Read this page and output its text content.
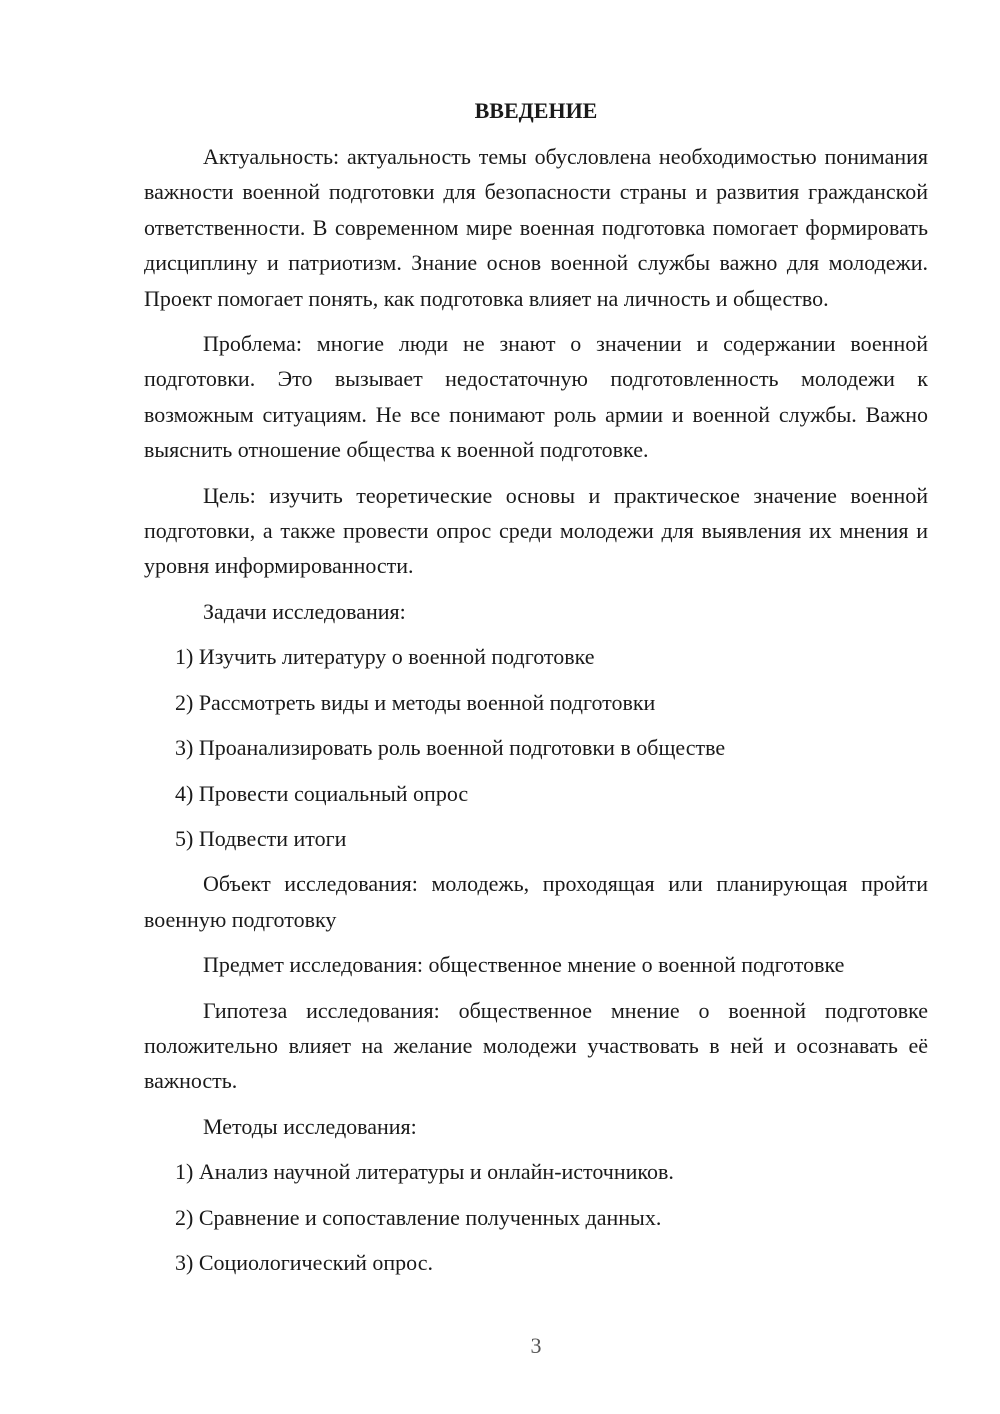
ВВЕДЕНИЕ

Актуальность: актуальность темы обусловлена необходимостью понимания важности военной подготовки для безопасности страны и развития гражданской ответственности. В современном мире военная подготовка помогает формировать дисциплину и патриотизм. Знание основ военной службы важно для молодежи. Проект помогает понять, как подготовка влияет на личность и общество.

Проблема: многие люди не знают о значении и содержании военной подготовки. Это вызывает недостаточную подготовленность молодежи к возможным ситуациям. Не все понимают роль армии и военной службы. Важно выяснить отношение общества к военной подготовке.

Цель: изучить теоретические основы и практическое значение военной подготовки, а также провести опрос среди молодежи для выявления их мнения и уровня информированности.

Задачи исследования:

1) Изучить литературу о военной подготовке
2) Рассмотреть виды и методы военной подготовки
3) Проанализировать роль военной подготовки в обществе
4) Провести социальный опрос
5) Подвести итоги

Объект исследования: молодежь, проходящая или планирующая пройти военную подготовку

Предмет исследования: общественное мнение о военной подготовке

Гипотеза исследования: общественное мнение о военной подготовке положительно влияет на желание молодежи участвовать в ней и осознавать её важность.

Методы исследования:

1) Анализ научной литературы и онлайн-источников.
2) Сравнение и сопоставление полученных данных.
3) Социологический опрос.
3
